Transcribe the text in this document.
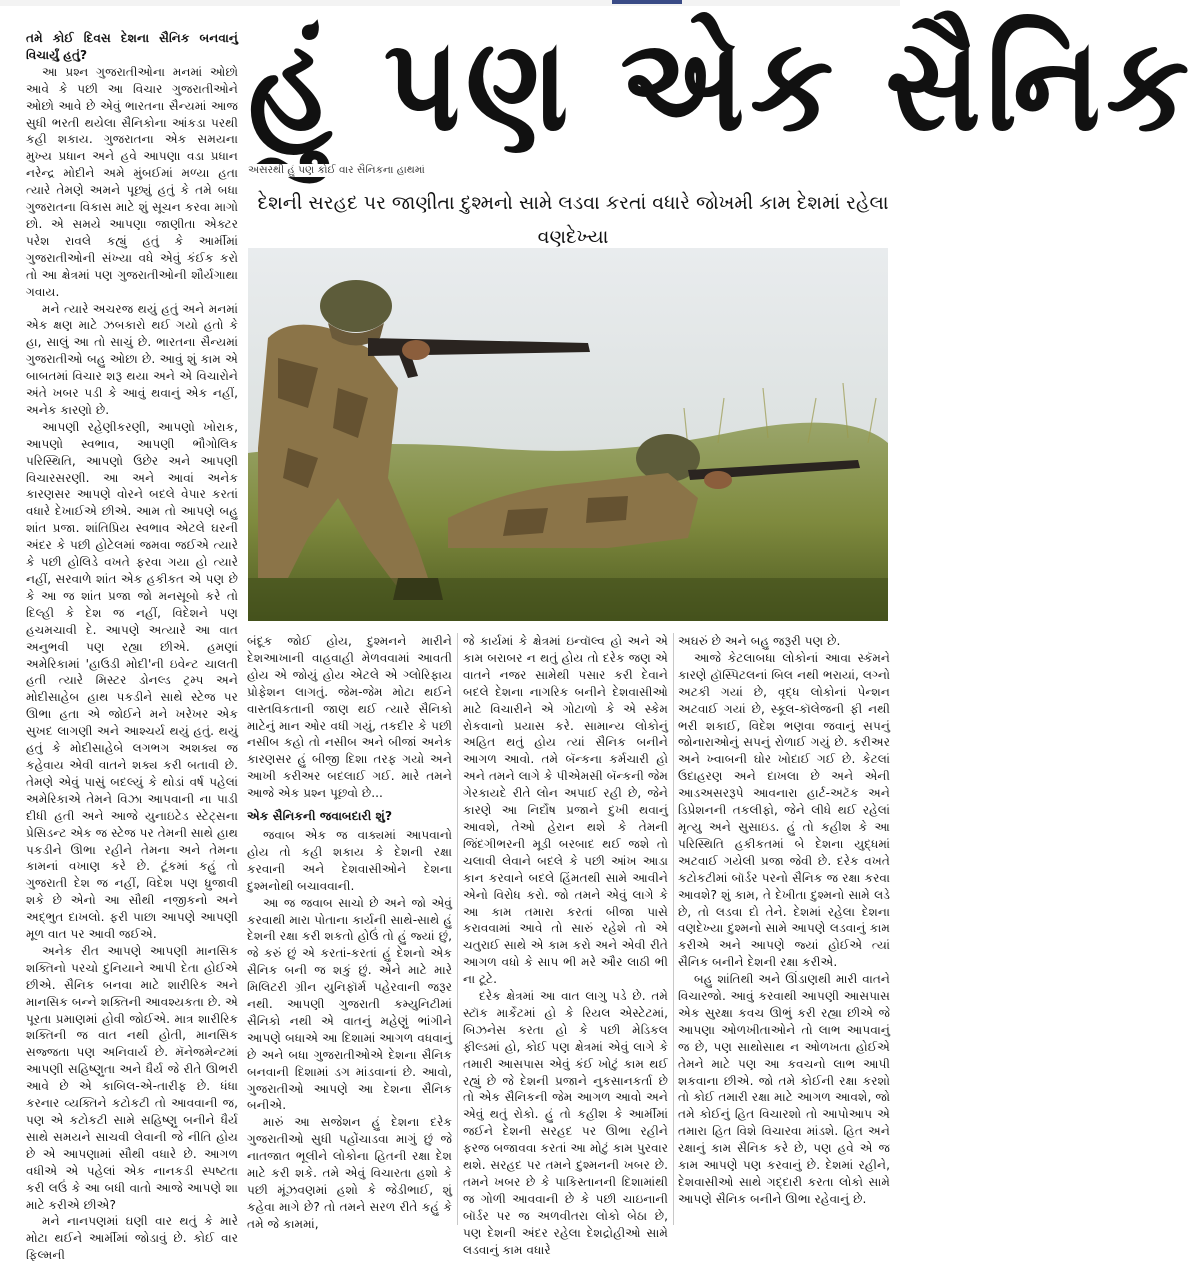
તમે કોઈ દિવસ દેશના સૈનિક બનવાનું વિચાર્યું હતું?

આ પ્રશ્ન ગુજરાતીઓના મનમાં ઓછો આવે કે પછી આ વિચાર ગુજરાતીઓને ઓછો આવે છે એવું ભારતના સૈન્યમાં આજ સુધી ભરતી થયેલા સૈનિકોના આંકડા પરથી કહી શકાય. ગુજરાતના એક સમયના મુખ્ય પ્રધાન અને હવે આપણા વડા પ્રધાન નરેન્દ્ર મોદીને અમે મુંબઈમાં મળ્યા હતા ત્યારે તેમણે અમને પૂછ્યું હતું કે તમે બધા ગુજરાતના વિકાસ માટે શું સૂચન કરવા માગો છો. એ સમયે આપણા જાણીતા એક્ટર પરેશ રાવલે કહ્યું હતું કે આર્મીમાં ગુજરાતીઓની સંખ્યા વધે એવું કંઈક કરો તો આ ક્ષેત્રમાં પણ ગુજરાતીઓની શૌર્યગાથા ગવાય.

મને ત્યારે અચરજ થયું હતું અને મનમાં એક ક્ષણ માટે ઝબકારો થઈ ગયો હતો કે હા, સાલું આ તો સાચું છે. ભારતના સૈન્યમાં ગુજરાતીઓ બહુ ઓછા છે. આવું શું કામ એ બાબતમાં વિચાર શરૂ થયા અને એ વિચારોને અંતે ખબર પડી કે આવું થવાનું એક નહીં, અનેક કારણો છે.

આપણી રહેણીકરણી, આપણો ખોરાક, આપણો સ્વભાવ, આપણી ભૌગોલિક પરિસ્થિતિ, આપણો ઉછેર અને આપણી વિચારસરણી. આ અને આવાં અનેક કારણસર આપણે વોરને બદલે વેપાર કરતાં વધારે દેખાઈએ છીએ. આમ તો આપણે બહુ શાંત પ્રજા. શાંતિપ્રિય સ્વભાવ એટલે ઘરની અંદર કે પછી હોટેલમાં જમવા જઈએ ત્યારે કે પછી હોલિડે વખતે ફરવા ગયા હો ત્યારે નહીં, સરવાળે શાંત એક હકીકત એ પણ છે કે આ જ શાંત પ્રજા જો મનસૂબો કરે તો દિલ્હી કે દેશ જ નહીં, વિદેશને પણ હચમચાવી દે. આપણે અત્યારે આ વાત અનુભવી પણ રહ્યા છીએ. હમણાં અમેરિકામાં 'હાઉડી મોદી'ની ઇવેન્ટ ચાલતી હતી ત્યારે મિસ્ટર ડોનલ્ડ ટ્રમ્પ અને મોદીસાહેબ હાથ પકડીને સાથે સ્ટેજ પર ઊભા હતા એ જોઈને મને ખરેખર એક સુખદ લાગણી અને આશ્ચર્ય થયું હતું. થયું હતું કે મોદીસાહેબે લગભગ અશક્ય જ કહેવાય એવી વાતને શક્ય કરી બતાવી છે. તેમણે એવું પાસું બદલ્યું કે થોડાં વર્ષ પહેલાં અમેરિકાએ તેમને વિઝા આપવાની ના પાડી દીધી હતી અને આજે યુનાઇટેડ સ્ટેટ્સના પ્રેસિડન્ટ એક જ સ્ટેજ પર તેમની સાથે હાથ પકડીને ઊભા રહીને તેમના અને તેમના કામનાં વખાણ કરે છે. ટૂંકમાં કહું તો ગુજરાતી દેશ જ નહીં, વિદેશ પણ ધ્રુજાવી શકે છે એનો આ સૌથી નજીકનો અને અદ્ભુત દાખલો. ફરી પાછા આપણે આપણી મૂળ વાત પર આવી જઈએ.

અનેક રીત આપણે આપણી માનસિક શક્તિનો પરચો દુનિયાને આપી દેતા હોઈએ છીએ. સૈનિક બનવા માટે શારીરિક અને માનસિક બન્ને શક્તિની આવશ્યકતા છે. એ પૂરતા પ્રમાણમાં હોવી જોઈએ. માત્ર શારીરિક શક્તિની જ વાત નથી હોતી, માનસિક સજ્જતા પણ અનિવાર્ય છે. મૅનેજમેન્ટમાં આપણી સહિષ્ણુતા અને ધૈર્ય જે રીતે ઊભરી આવે છે એ કાબિલ-એ-તારીફ છે. ધંધા કરનાર વ્યક્તિને કટોકટી તો આવવાની જ, પણ એ કટોકટી સામે સહિષ્ણુ બનીને ધૈર્ય સાથે સમયને સાચવી લેવાની જે નીતિ હોય છે એ આપણામાં સૌથી વધારે છે. આગળ વધીએ એ પહેલાં એક નાનકડી સ્પષ્ટતા કરી લઉં કે આ બધી વાતો આજે આપણે શા માટે કરીએ છીએ?

મને નાનપણમાં ઘણી વાર થતું કે મારે મોટા થઈને આર્મીમાં જોડાવું છે. કોઈ વાર ફિલ્મની

હું પણ એક સૈનિક
અસરથી હું પણ કોઈ વાર સૈનિકના હાથમાં
દેશની સરહદ પર જાણીતા દુશ્મનો સામે લડવા કરતાં વધારે જોખમી કામ દેશમાં રહેલા વણદેખ્યા

બંદૂક જોઈ હોય, દુશ્મનને મારીને દેશઆખાની વાહવાહી મેળવવામાં આવતી હોય એ જોયું હોય એટલે એ ગ્લોરિફાય પ્રોફેશન લાગતું. જેમ-જેમ મોટા થઈને વાસ્તવિકતાની જાણ થઈ ત્યારે સૈનિકો માટેનું માન ઓર વધી ગયું, તકદીર કે પછી નસીબ કહો તો નસીબ અને બીજાં અનેક કારણસર હું બીજી દિશા તરફ ગયો અને આખી કરીઅર બદલાઈ ગઈ. મારે તમને આજે એક પ્રશ્ન પૂછવો છે...

એક સૈનિકની જવાબદારી શું?

જવાબ એક જ વાક્યમાં આપવાનો હોય તો કહી શકાય કે દેશની રક્ષા કરવાની અને દેશવાસીઓને દેશના દુશ્મનોથી બચાવવાની.

આ જ જવાબ સાચો છે અને જો એવું કરવાથી મારા પોતાના કાર્યની સાથે-સાથે હું દેશની રક્ષા કરી શકતો હોઉં તો હું જ્યાં છું, જે કરું છું એ કરતાં-કરતાં હું દેશનો એક સૈનિક બની જ શકું છું. એને માટે મારે મિલિટરી ગ્રીન યુનિફૉર્મ પહેરવાની જરૂર નથી. આપણી ગુજરાતી કમ્યુનિટીમાં સૈનિકો નથી એ વાતનું મહેણું ભાંગીને આપણે બધાએ આ દિશામાં આગળ વધવાનું છે અને બધા ગુજરાતીઓએ દેશના સૈનિક બનવાની દિશામાં ડગ માંડવાનાં છે. આવો, ગુજરાતીઓ આપણે આ દેશના સૈનિક બનીએ.

મારું આ સજેશન હું દેશના દરેક ગુજરાતીઓ સુધી પહોંચાડવા માગું છું જે નાતજાત ભૂલીને લોકોના હિતની રક્ષા દેશ માટે કરી શકે. તમે એવું વિચારતા હશો કે પછી મૂંઝવણમાં હશો કે જેડીભાઈ, શું કહેવા માગે છે? તો તમને સરળ રીતે કહું કે તમે જે કામમાં,

જે કાર્યમાં કે ક્ષેત્રમાં ઇન્વૉલ્વ હો અને એ કામ બરાબર ન થતું હોય તો દરેક જણ એ વાતને નજર સામેથી પસાર કરી દેવાને બદલે દેશના નાગરિક બનીને દેશવાસીઓ માટે વિચારીને એ ગોટાળો કે એ સ્કેમ રોકવાનો પ્રયાસ કરે. સામાન્ય લોકોનું અહિત થતું હોય ત્યાં સૈનિક બનીને આગળ આવો. તમે બૅન્કના કર્મચારી હો અને તમને લાગે કે પીએમસી બૅન્કની જેમ ગેરકાયદે રીતે લોન અપાઈ રહી છે, જેને કારણે આ નિર્દોષ પ્રજાને દુખી થવાનું આવશે, તેઓ હેરાન થશે કે તેમની જિંદગીભરની મૂડી બરબાદ થઈ જશે તો ચલાવી લેવાને બદલે કે પછી આંખ આડા કાન કરવાને બદલે હિંમતથી સામે આવીને એનો વિરોધ કરો. જો તમને એવું લાગે કે આ કામ તમારા કરતાં બીજા પાસે કરાવવામાં આવે તો સારું રહેશે તો એ ચતુરાઈ સાથે એ કામ કરો અને એવી રીતે આગળ વધો કે સાપ ભી મરે ઔર લાઠી ભી ના ટૂટે.

દરેક ક્ષેત્રમાં આ વાત લાગુ પડે છે. તમે સ્ટૉક માર્કેટમાં હો કે રિયલ એસ્ટેટમાં, બિઝનેસ કરતા હો કે પછી મેડિકલ ફીલ્ડમાં હો, કોઈ પણ ક્ષેત્રમાં એવું લાગે કે તમારી આસપાસ એવું કંઈ ખોટું કામ થઈ રહ્યું છે જે દેશની પ્રજાને નુકસાનકર્તા છે તો એક સૈનિકની જેમ આગળ આવો અને એવું થતું રોકો. હું તો કહીશ કે આર્મીમાં જઈને દેશની સરહદ પર ઊભા રહીને ફરજ બજાવવા કરતાં આ મોટું કામ પુરવાર થશે. સરહદ પર તમને દુશ્મનની ખબર છે. તમને ખબર છે કે પાકિસ્તાનની દિશામાંથી જ ગોળી આવવાની છે કે પછી ચાઇનાની બૉર્ડર પર જ અળવીતરા લોકો બેઠા છે, પણ દેશની અંદર રહેલા દેશદ્રોહીઓ સામે લડવાનું કામ વધારે

અઘરું છે અને બહુ જરૂરી પણ છે.

આજે કેટલાબધા લોકોનાં આવા સ્કૅમને કારણે હૉસ્પિટલનાં બિલ નથી ભરાયાં, લગ્નો અટકી ગયાં છે, વૃદ્ધ લોકોનાં પેન્શન અટવાઈ ગયાં છે, સ્કૂલ-કૉલેજની ફી નથી ભરી શકાઈ, વિદેશ ભણવા જવાનું સપનું જોનારાઓનું સપનું રોળાઈ ગયું છે. કરીઅર અને ખ્વાબની ઘોર ખોદાઈ ગઈ છે. કેટલાં ઉદાહરણ અને દાખલા છે અને એની આડઅસરરૂપે આવનારા હાર્ટ-અટૅક અને ડિપ્રેશનની તકલીફો, જેને લીધે થઈ રહેલાં મૃત્યુ અને સુસાઇડ. હું તો કહીશ કે આ પરિસ્થિતિ હકીકતમાં બે દેશના યુદ્ધમાં અટવાઈ ગયેલી પ્રજા જેવી છે. દરેક વખતે કટોકટીમાં બૉર્ડર પરનો સૈનિક જ રક્ષા કરવા આવશે? શું કામ, તે દેખીતા દુશ્મનો સામે લડે છે, તો લડવા દો તેને. દેશમાં રહેલા દેશના વણદેખ્યા દુશ્મનો સામે આપણે લડવાનું કામ કરીએ અને આપણે જ્યાં હોઈએ ત્યાં સૈનિક બનીને દેશની રક્ષા કરીએ.

બહુ શાંતિથી અને ઊંડાણથી મારી વાતને વિચારજો. આવું કરવાથી આપણી આસપાસ એક સુરક્ષા કવચ ઊભું કરી રહ્યા છીએ જે આપણા ઓળખીતાઓને તો લાભ આપવાનું જ છે, પણ સાથોસાથ ન ઓળખતા હોઈએ તેમને માટે પણ આ કવચનો લાભ આપી શકવાના છીએ. જો તમે કોઈની રક્ષા કરશો તો કોઈ તમારી રક્ષા માટે આગળ આવશે, જો તમે કોઈનું હિત વિચારશો તો આપોઆપ એ તમારા હિત વિશે વિચારવા માંડશે. હિત અને રક્ષાનું કામ સૈનિક કરે છે, પણ હવે એ જ કામ આપણે પણ કરવાનું છે. દેશમાં રહીને, દેશવાસીઓ સાથે ગદ્દારી કરતા લોકો સામે આપણે સૈનિક બનીને ઊભા રહેવાનું છે.
